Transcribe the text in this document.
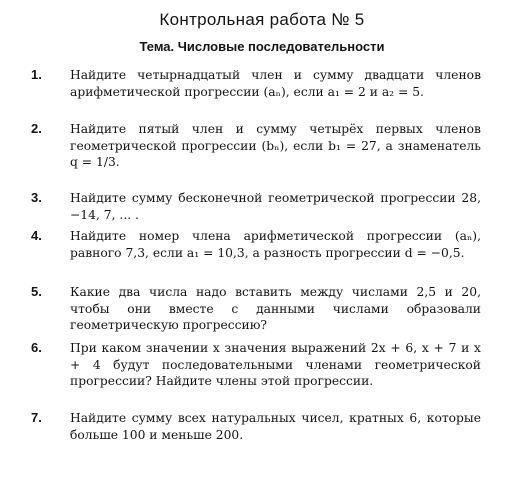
Контрольная работа № 5
Тема. Числовые последовательности
1. Найдите четырнадцатый член и сумму двадцати членов арифметической прогрессии (aₙ), если a₁ = 2 и a₂ = 5.
2. Найдите пятый член и сумму четырёх первых членов геометрической прогрессии (bₙ), если b₁ = 27, а знаменатель q = 1/3.
3. Найдите сумму бесконечной геометрической прогрессии 28, −14, 7, ... .
4. Найдите номер члена арифметической прогрессии (aₙ), равного 7,3, если a₁ = 10,3, а разность прогрессии d = −0,5.
5. Какие два числа надо вставить между числами 2,5 и 20, чтобы они вместе с данными числами образовали геометрическую прогрессию?
6. При каком значении x значения выражений 2x + 6, x + 7 и x + 4 будут последовательными членами геометрической прогрессии? Найдите члены этой прогрессии.
7. Найдите сумму всех натуральных чисел, кратных 6, которые больше 100 и меньше 200.
